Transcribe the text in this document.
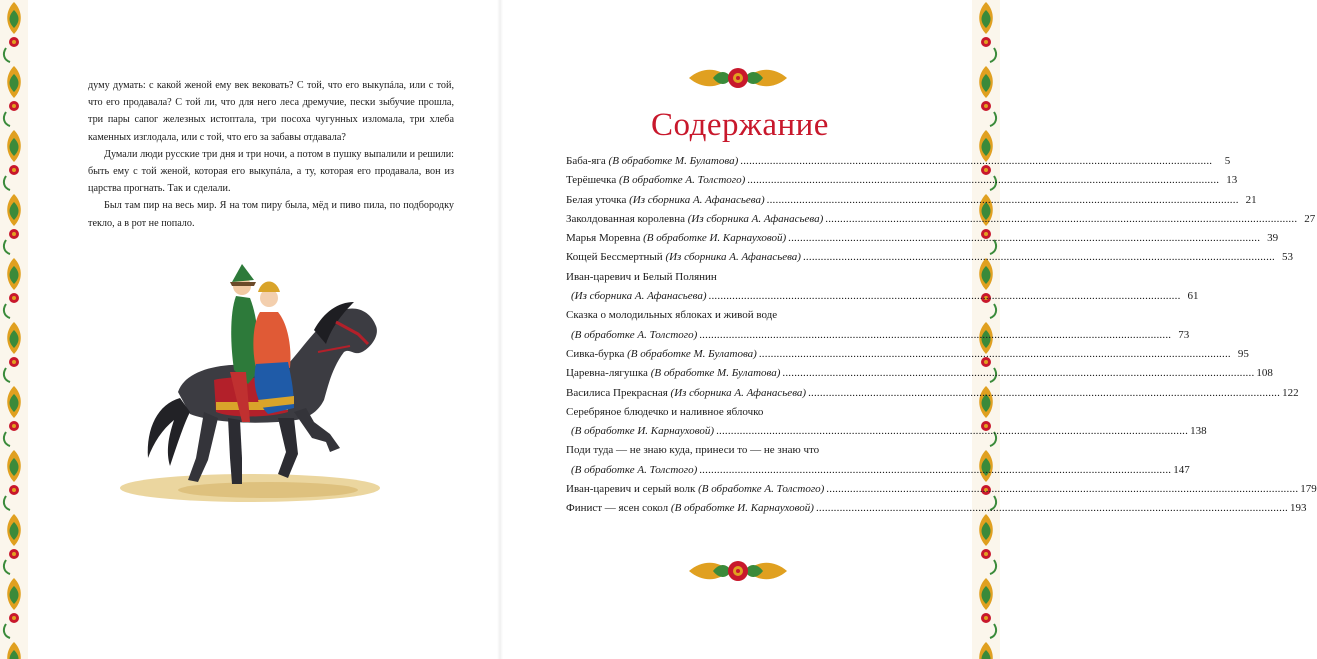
думу думать: с какой женой ему век вековать? С той, что его выкупáла, или с той, что его продавала? С той ли, что для него леса дремучие, пески зыбучие прошла, три пары сапог железных истоптала, три посоха чугунных изломала, три хлеба каменных изглодала, или с той, что его за забавы отдавала?

Думали люди русские три дня и три ночи, а потом в пушку выпалили и решили: быть ему с той женой, которая его выкупáла, а ту, которая его продавала, вон из царства прогнать. Так и сделали.

Был там пир на весь мир. Я на том пиру была, мёд и пиво пила, по подбородку текло, а в рот не попало.

Содержание
Баба-яга (В обработке М. Булатова) .....	5
Терёшечка (В обработке А. Толстого) .....	13
Белая уточка (Из сборника А. Афанасьева) .....	21
Заколдованная королевна (Из сборника А. Афанасьева) .....	27
Марья Моревна (В обработке И. Карнауховой) .....	39
Кощей Бессмертный (Из сборника А. Афанасьева) .....	53
Иван-царевич и Белый Полянин
(Из сборника А. Афанасьева) .....	61
Сказка о молодильных яблоках и живой воде
(В обработке А. Толстого) .....	73
Сивка-бурка (В обработке М. Булатова) .....	95
Царевна-лягушка (В обработке М. Булатова) .....	108
Василиса Прекрасная (Из сборника А. Афанасьева) .....	122
Серебряное блюдечко и наливное яблочко
(В обработке И. Карнауховой) .....	138
Поди туда — не знаю куда, принеси то — не знаю что
(В обработке А. Толстого) .....	147
Иван-царевич и серый волк (В обработке А. Толстого) .....	179
Финист — ясен сокол (В обработке И. Карнауховой) .....	193
